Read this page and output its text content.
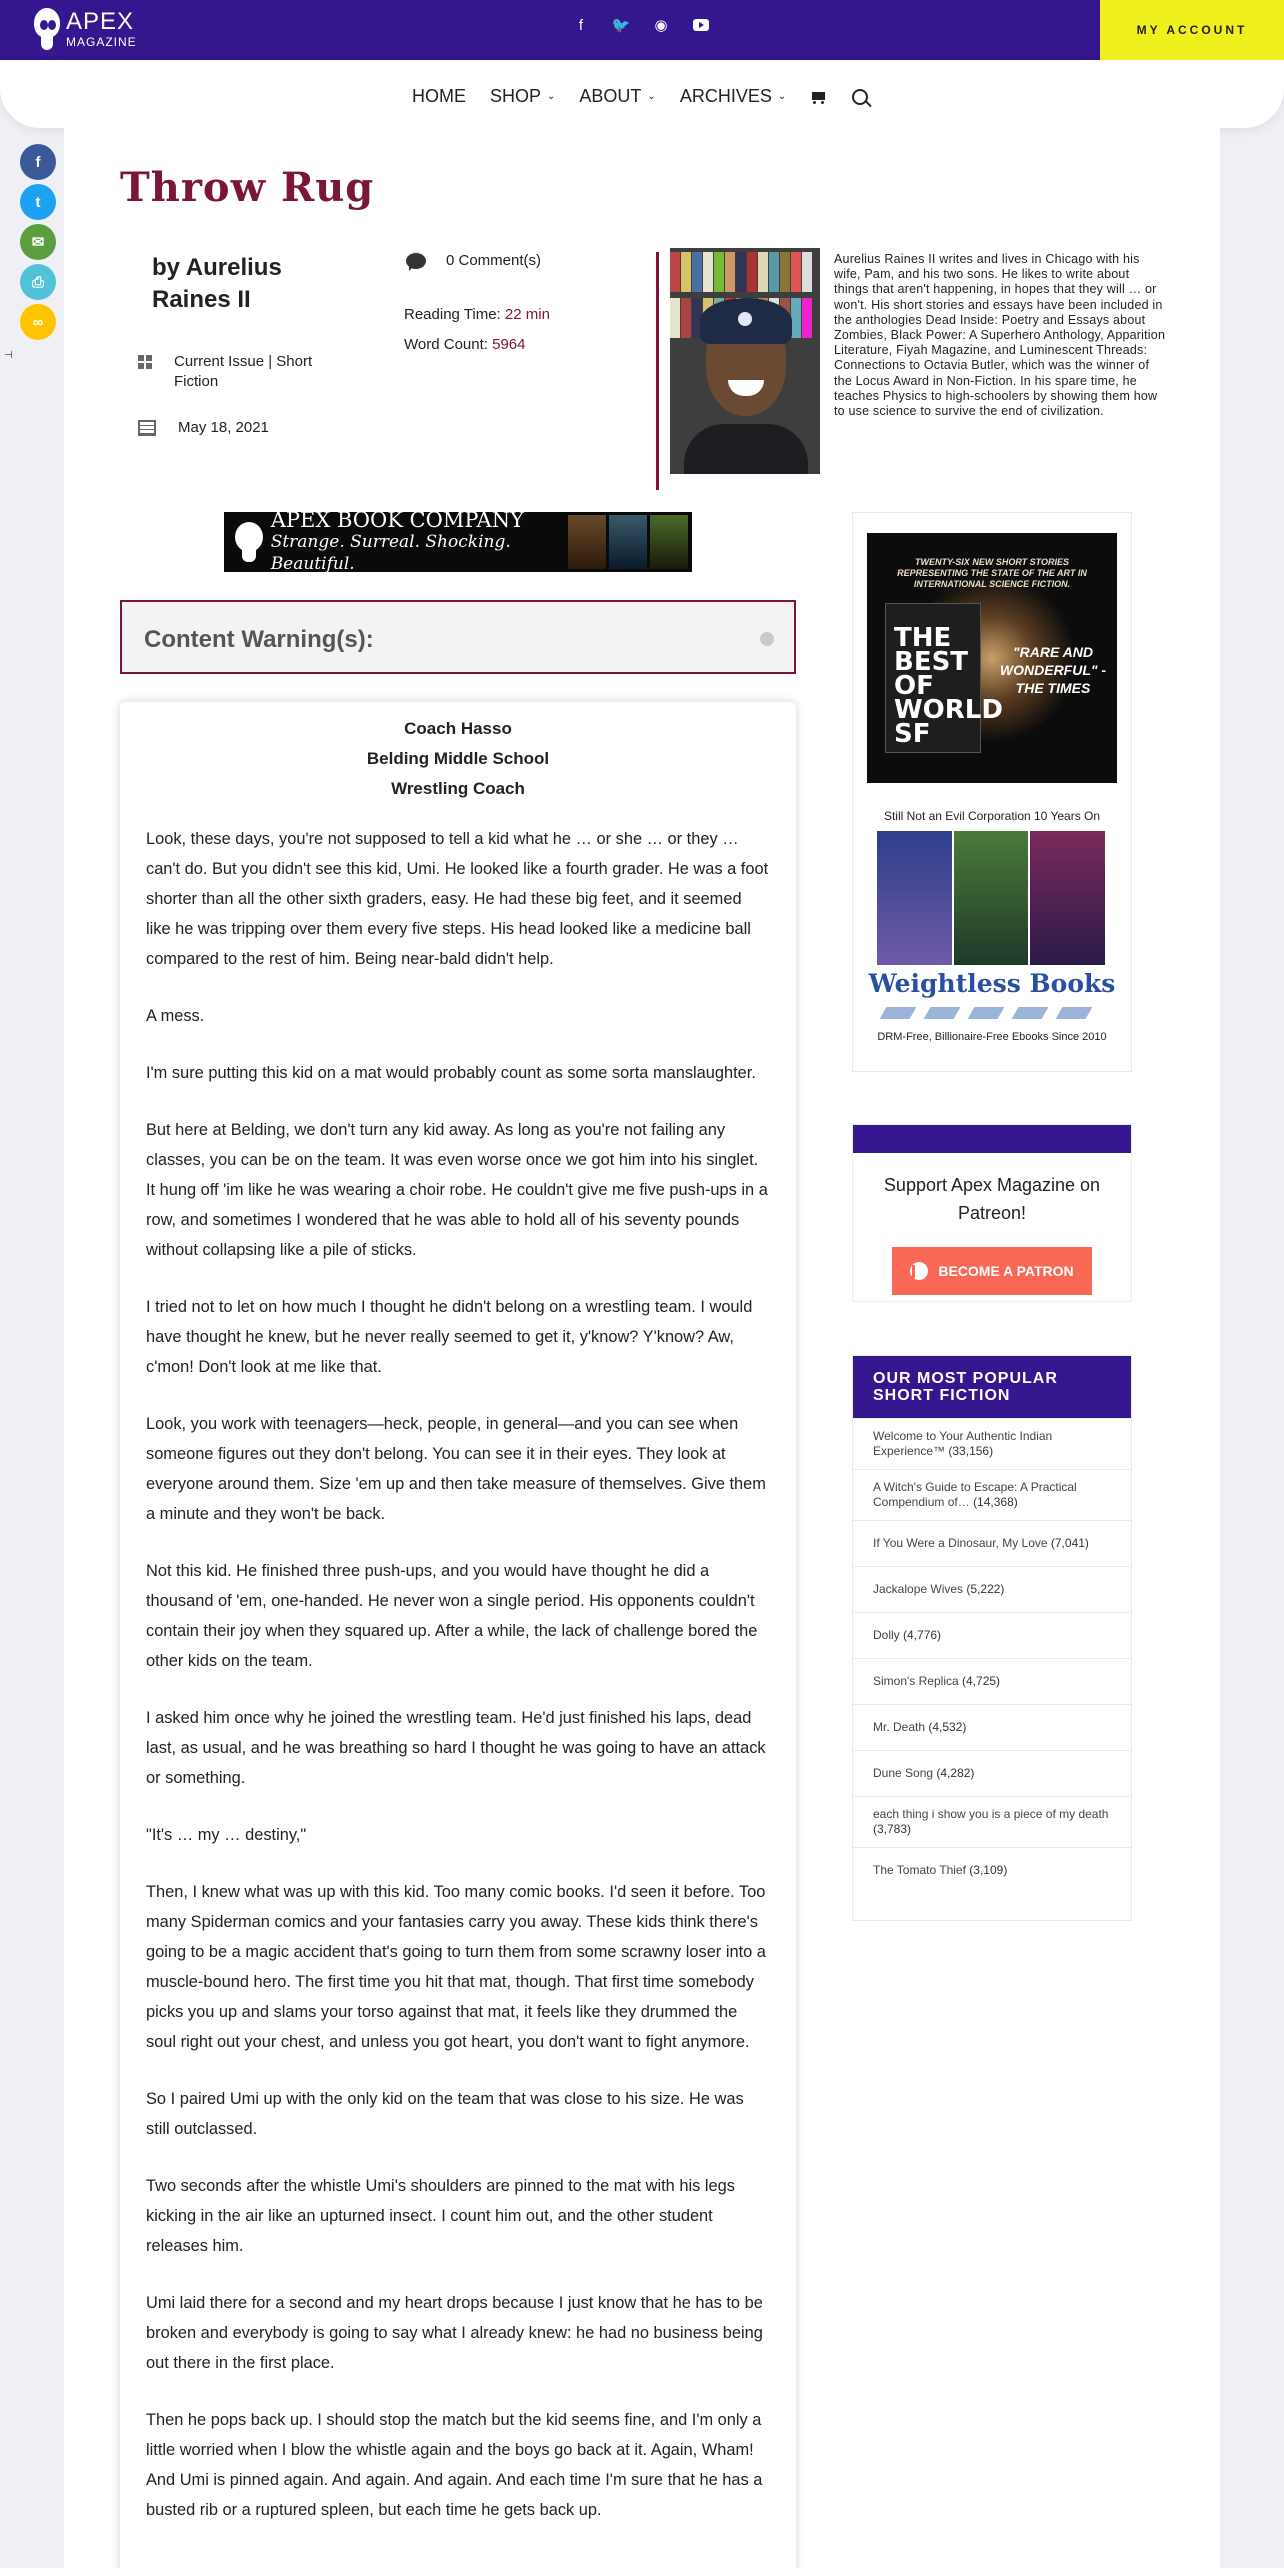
APEX
MAGAZINE
f	🐦 ◉	MY ACCOUNT
HOME SHOP ⌄ ABOUT ⌄ ARCHIVES ⌄
f
t
✉
⎙
∞
⊣
Throw Rug
by Aurelius Raines II
Current Issue | Short Fiction
May 18, 2021
0 Comment(s)
Reading Time: 22 min
Word Count: 5964

Aurelius Raines II writes and lives in Chicago with his wife, Pam, and his two sons. He likes to write about things that aren't happening, in hopes that they will … or won't. His short stories and essays have been included in the anthologies Dead Inside: Poetry and Essays about Zombies, Black Power: A Superhero Anthology, Apparition Literature, Fiyah Magazine, and Luminescent Threads: Connections to Octavia Butler, which was the winner of the Locus Award in Non-Fiction. In his spare time, he teaches Physics to high-schoolers by showing them how to use science to survive the end of civilization.

APEX BOOK COMPANY
Strange. Surreal. Shocking. Beautiful.
Content Warning(s):
Coach Hasso
Belding Middle School
Wrestling Coach

Look, these days, you're not supposed to tell a kid what he … or she … or they … can't do. But you didn't see this kid, Umi. He looked like a fourth grader. He was a foot shorter than all the other sixth graders, easy. He had these big feet, and it seemed like he was tripping over them every five steps. His head looked like a medicine ball compared to the rest of him. Being near-bald didn't help.

A mess.

I'm sure putting this kid on a mat would probably count as some sorta manslaughter.

But here at Belding, we don't turn any kid away. As long as you're not failing any classes, you can be on the team. It was even worse once we got him into his singlet. It hung off 'im like he was wearing a choir robe. He couldn't give me five push-ups in a row, and sometimes I wondered that he was able to hold all of his seventy pounds without collapsing like a pile of sticks.

I tried not to let on how much I thought he didn't belong on a wrestling team. I would have thought he knew, but he never really seemed to get it, y'know? Y'know? Aw, c'mon! Don't look at me like that.

Look, you work with teenagers—heck, people, in general—and you can see when someone figures out they don't belong. You can see it in their eyes. They look at everyone around them. Size 'em up and then take measure of themselves. Give them a minute and they won't be back.

Not this kid. He finished three push-ups, and you would have thought he did a thousand of 'em, one-handed. He never won a single period. His opponents couldn't contain their joy when they squared up. After a while, the lack of challenge bored the other kids on the team.

I asked him once why he joined the wrestling team. He'd just finished his laps, dead last, as usual, and he was breathing so hard I thought he was going to have an attack or something.

"It's … my … destiny,"

Then, I knew what was up with this kid. Too many comic books. I'd seen it before. Too many Spiderman comics and your fantasies carry you away. These kids think there's going to be a magic accident that's going to turn them from some scrawny loser into a muscle-bound hero. The first time you hit that mat, though. That first time somebody picks you up and slams your torso against that mat, it feels like they drummed the soul right out your chest, and unless you got heart, you don't want to fight anymore.

So I paired Umi up with the only kid on the team that was close to his size. He was still outclassed.

Two seconds after the whistle Umi's shoulders are pinned to the mat with his legs kicking in the air like an upturned insect. I count him out, and the other student releases him.

Umi laid there for a second and my heart drops because I just know that he has to be broken and everybody is going to say what I already knew: he had no business being out there in the first place.

Then he pops back up. I should stop the match but the kid seems fine, and I'm only a little worried when I blow the whistle again and the boys go back at it. Again, Wham! And Umi is pinned again. And again. And again. And each time I'm sure that he has a busted rib or a ruptured spleen, but each time he gets back up.

TWENTY-SIX NEW SHORT STORIES REPRESENTING THE STATE OF THE ART IN INTERNATIONAL SCIENCE FICTION.
THE BEST OF WORLD SF
"RARE AND WONDERFUL" - THE TIMES
Still Not an Evil Corporation 10 Years On
Weightless Books
DRM-Free, Billionaire-Free Ebooks Since 2010
Support Apex Magazine on Patreon!
BECOME A PATRON
OUR MOST POPULAR SHORT FICTION
Welcome to Your Authentic Indian Experience™ (33,156)
A Witch's Guide to Escape: A Practical Compendium of… (14,368)
If You Were a Dinosaur, My Love (7,041)
Jackalope Wives (5,222)
Dolly (4,776)
Simon's Replica (4,725)
Mr. Death (4,532)
Dune Song (4,282)
each thing i show you is a piece of my death (3,783)
The Tomato Thief (3,109)
